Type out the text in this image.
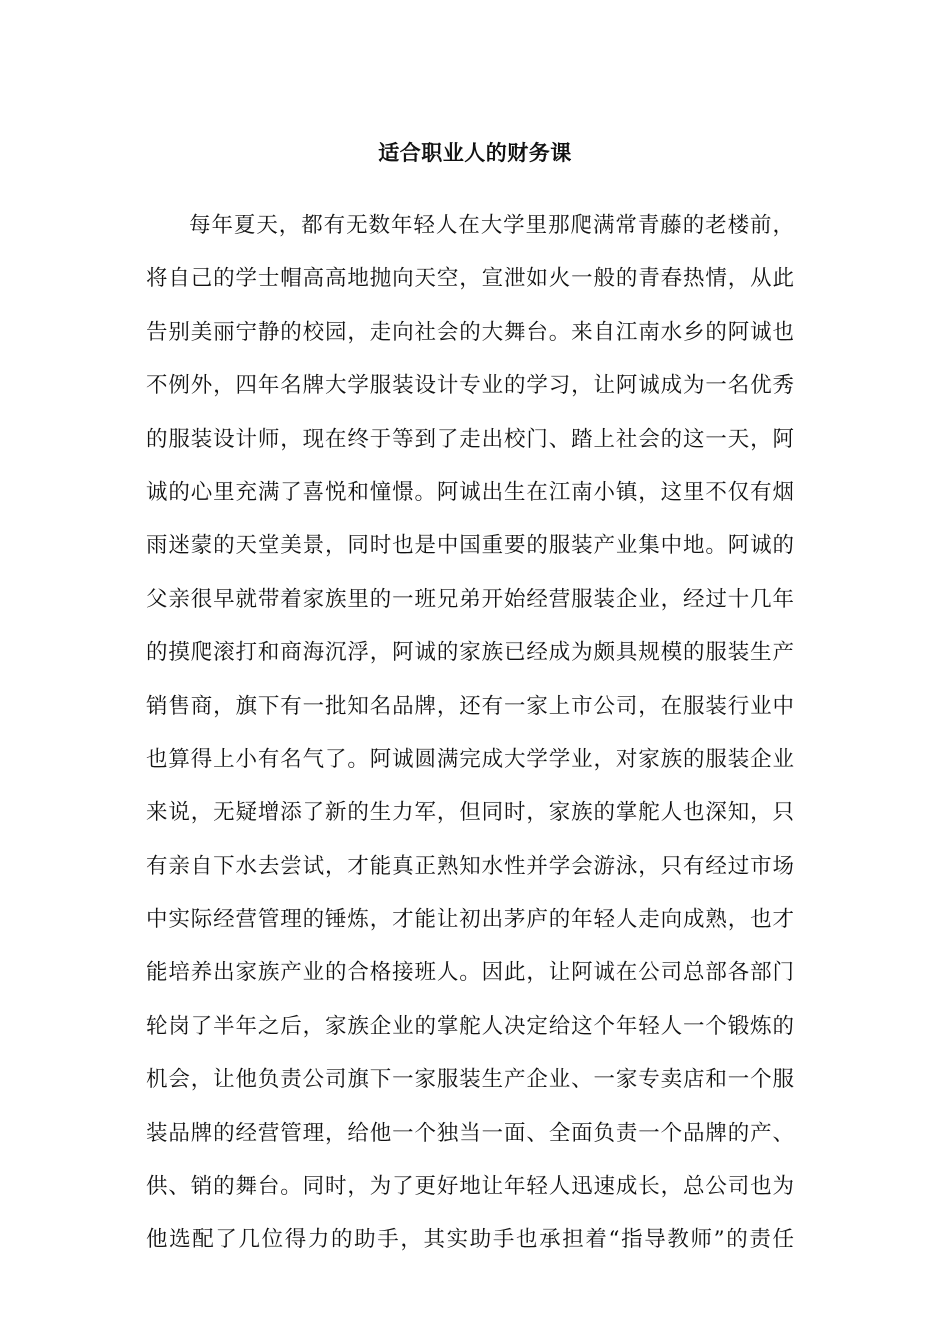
适合职业人的财务课
每年夏天，都有无数年轻人在大学里那爬满常青藤的老楼前，
将自己的学士帽高高地抛向天空，宣泄如火一般的青春热情，从此
告别美丽宁静的校园，走向社会的大舞台。来自江南水乡的阿诚也
不例外，四年名牌大学服装设计专业的学习，让阿诚成为一名优秀
的服装设计师，现在终于等到了走出校门、踏上社会的这一天，阿
诚的心里充满了喜悦和憧憬。阿诚出生在江南小镇，这里不仅有烟
雨迷蒙的天堂美景，同时也是中国重要的服装产业集中地。阿诚的
父亲很早就带着家族里的一班兄弟开始经营服装企业，经过十几年
的摸爬滚打和商海沉浮，阿诚的家族已经成为颇具规模的服装生产
销售商，旗下有一批知名品牌，还有一家上市公司，在服装行业中
也算得上小有名气了。阿诚圆满完成大学学业，对家族的服装企业
来说，无疑增添了新的生力军，但同时，家族的掌舵人也深知，只
有亲自下水去尝试，才能真正熟知水性并学会游泳，只有经过市场
中实际经营管理的锤炼，才能让初出茅庐的年轻人走向成熟，也才
能培养出家族产业的合格接班人。因此，让阿诚在公司总部各部门
轮岗了半年之后，家族企业的掌舵人决定给这个年轻人一个锻炼的
机会，让他负责公司旗下一家服装生产企业、一家专卖店和一个服
装品牌的经营管理，给他一个独当一面、全面负责一个品牌的产、
供、销的舞台。同时，为了更好地让年轻人迅速成长，总公司也为
他选配了几位得力的助手，其实助手也承担着“指导教师”的责任
